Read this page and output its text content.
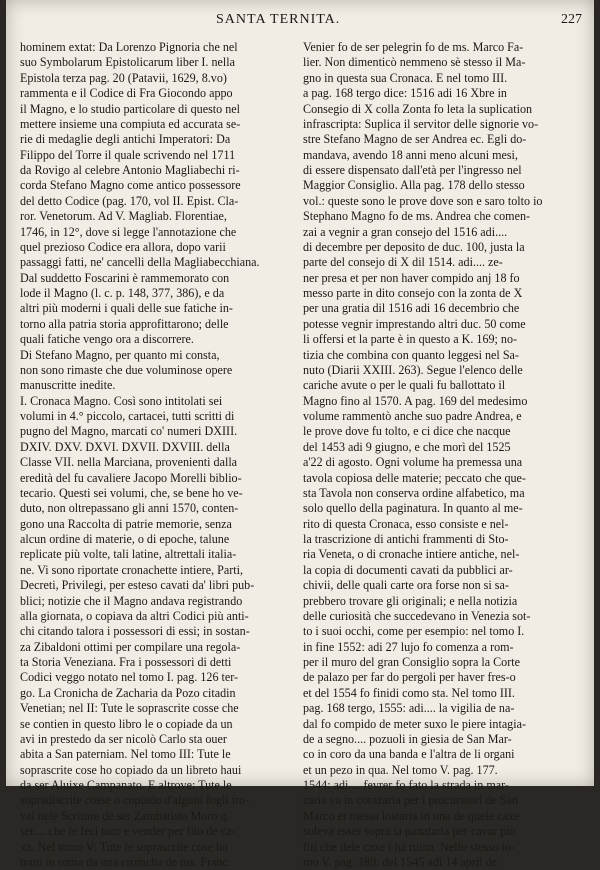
SANTA TERNITA.	227
hominem extat: Da Lorenzo Pignoria che nel
suo Symbolarum Epistolicarum liber I. nella
Epistola terza pag. 20 (Patavii, 1629, 8.vo)
rammenta e il Codice di Fra Giocondo appo
il Magno, e lo studio particolare di questo nel
mettere insieme una compiuta ed accurata se-
rie di medaglie degli antichi Imperatori: Da
Filippo del Torre il quale scrivendo nel 1711
da Rovigo al celebre Antonio Magliabechi ri-
corda Stefano Magno come antico possessore
del detto Codice (pag. 170, vol II. Epist. Cla-
ror. Venetorum. Ad V. Magliab. Florentiae,
1746, in 12°, dove si legge l'annotazione che
quel prezioso Codice era allora, dopo varii
passaggi fatti, ne' cancelli della Magliabecchiana.
Dal suddetto Foscarini è rammemorato con
lode il Magno (l. c. p. 148, 377, 386), e da
altri più moderni i quali delle sue fatiche in-
torno alla patria storia approfittarono; delle
quali fatiche vengo ora a discorrere.
Di Stefano Magno, per quanto mi consta,
non sono rimaste che due voluminose opere
manuscritte inedite.
I. Cronaca Magno. Così sono intitolati sei
volumi in 4.° piccolo, cartacei, tutti scritti di
pugno del Magno, marcati co' numeri DXIII.
DXIV. DXV. DXVI. DXVII. DXVIII. della
Classe VII. nella Marciana, provenienti dalla
eredità del fu cavaliere Jacopo Morelli biblio-
tecario. Questi sei volumi, che, se bene ho ve-
duto, non oltrepassano gli anni 1570, conten-
gono una Raccolta di patrie memorie, senza
alcun ordine di materie, o di epoche, talune
replicate più volte, tali latine, altrettali italia-
ne. Vi sono riportate cronachette intiere, Parti,
Decreti, Privilegi, per esteso cavati da' libri pub-
blici; notizie che il Magno andava registrando
alla giornata, o copiava da altri Codici più anti-
chi citando talora i possessori di essi; in sostan-
za Zibaldoni ottimi per compilare una regola-
ta Storia Veneziana. Fra i possessori di detti
Codici veggo notato nel tomo I. pag. 126 ter-
go. La Cronicha de Zacharia da Pozo citadin
Venetian; nel II: Tute le soprascrite cosse che
se contien in questo libro le o copiade da un
avi in prestedo da ser nicolò Carlo sta ouer
abita a San paterniam. Nel tomo III: Tute le
soprascrite cose ho copiado da un libreto haui
da ser Aluixe Campanato. E altrove: Tute le
sopradiscrite cosse o copiado d'alguni fogli tro-
vai nele Scriture de ser Zambatista Moro q.
ser.... che le feci tuor e vender per fito de ca-
xa. Nel tomo V: Tute le soprascrite cose ho
trato in suma da una cronicha de ms. Franc.
Venier fo de ser pelegrin fo de ms. Marco Fa-
lier. Non dimenticò nemmeno sè stesso il Ma-
gno in questa sua Cronaca. E nel tomo III.
a pag. 168 tergo dice: 1516 adi 16 Xbre in
Consegio di X colla Zonta fo leta la suplication
infrascripta: Suplica il servitor delle signorie vo-
stre Stefano Magno de ser Andrea ec. Egli do-
mandava, avendo 18 anni meno alcuni mesi,
di essere dispensato dall'età per l'ingresso nel
Maggior Consiglio. Alla pag. 178 dello stesso
vol.: queste sono le prove dove son e saro tolto io
Stephano Magno fo de ms. Andrea che comen-
zai a vegnir a gran consejo del 1516 adi....
di decembre per deposito de duc. 100, justa la
parte del consejo di X dil 1514. adi.... ze-
ner presa et per non haver compido anj 18 fo
messo parte in dito consejo con la zonta de X
per una gratia dil 1516 adi 16 decembrio che
potesse vegnir imprestando altri duc. 50 come
li offersi et la parte è in questo a K. 169; no-
tizia che combina con quanto leggesi nel Sa-
nuto (Diarii XXIII. 263). Segue l'elenco delle
cariche avute o per le quali fu ballottato il
Magno fino al 1570. A pag. 169 del medesimo
volume rammentò anche suo padre Andrea, e
le prove dove fu tolto, e ci dice che nacque
del 1453 adi 9 giugno, e che morì del 1525
a'22 di agosto. Ogni volume ha premessa una
tavola copiosa delle materie; peccato che que-
sta Tavola non conserva ordine alfabetico, ma
solo quello della paginatura. In quanto al me-
rito di questa Cronaca, esso consiste e nel-
la trascrizione di antichi frammenti di Sto-
ria Veneta, o di cronache intiere antiche, nel-
la copia di documenti cavati da pubblici ar-
chivii, delle quali carte ora forse non si sa-
prebbero trovare gli originali; e nella notizia
delle curiosità che succedevano in Venezia sot-
to i suoi occhi, come per esempio: nel tomo I.
in fine 1552: adi 27 lujo fo comenza a rom-
per il muro del gran Consiglio sopra la Corte
de palazo per far do pergoli per haver fres-o
et del 1554 fo finidi como sta. Nel tomo III.
pag. 168 tergo, 1555: adi.... la vigilia de na-
dal fo compido de meter suxo le piere intagia-
de a segno.... pozuoli in giesia de San Mar-
co in coro da una banda e l'altra de li organi
et un pezo in qua. Nel tomo V. pag. 177.
1544: adi.... fevrer fo fato la strada in mar-
zaria va in corazaria per i procuratori de San
Marco et messa lostaria in una de quele caxe
soleva esser sopra la panataria per cavar più
fiti che dele caxe i ha ruina. Nello stesso to-
mo V. pag. 189: del 1545 adi 14 april de
